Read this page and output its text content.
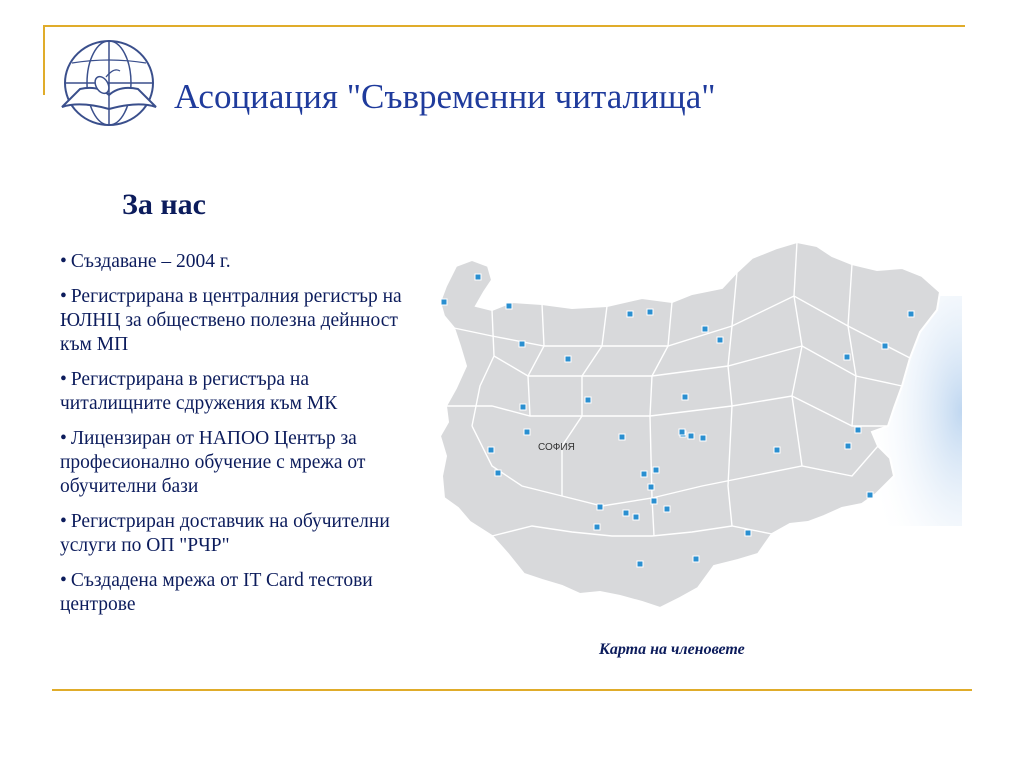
Асоциация "Съвременни читалища"
За нас
• Създаване – 2004 г.
• Регистрирана в централния регистър на ЮЛНЦ за общественo полезна дейнност към МП
• Регистрирана в регистъра на читалищните сдружения към МК
• Лицензиран от НАПОО Център за професионално обучение с мрежа от обучителни бази
• Регистриран доставчик на обучителни услуги по ОП "РЧР"
• Създадена мрежа от IT Card тестови центрове
СОФИЯ
Карта на членовете
